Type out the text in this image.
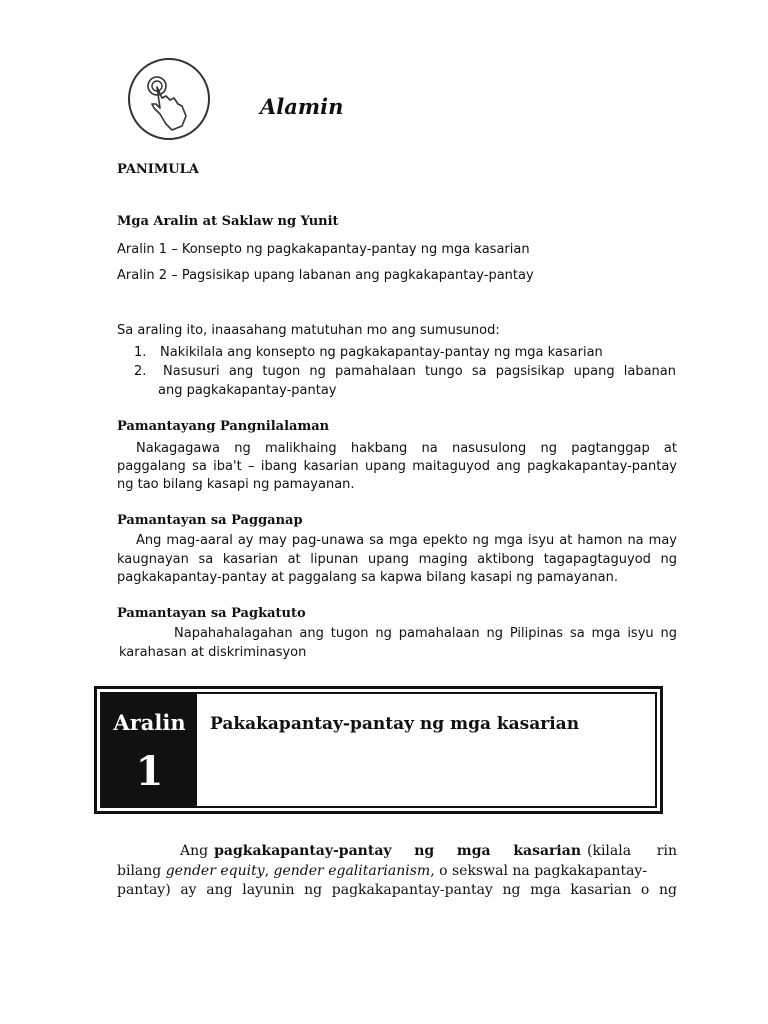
Alamin
PANIMULA
Mga Aralin at Saklaw ng Yunit
Aralin 1 – Konsepto ng pagkakapantay-pantay ng mga kasarian
Aralin 2 – Pagsisikap upang labanan ang pagkakapantay-pantay
Sa araling ito, inaasahang matutuhan mo ang sumusunod:
1. Nakikilala ang konsepto ng pagkakapantay-pantay ng mga kasarian
2. Nasusuri ang tugon ng pamahalaan tungo sa pagsisikap upang labanan
ang pagkakapantay-pantay
Pamantayang Pangnilalaman
Nakagagawa ng malikhaing hakbang na nasusulong ng pagtanggap at
paggalang sa iba't – ibang kasarian upang maitaguyod ang pagkakapantay-pantay
ng tao bilang kasapi ng pamayanan.
Pamantayan sa Pagganap
Ang mag-aaral ay may pag-unawa sa mga epekto ng mga isyu at hamon na may
kaugnayan sa kasarian at lipunan upang maging aktibong tagapagtaguyod ng
pagkakapantay-pantay at paggalang sa kapwa bilang kasapi ng pamayanan.
Pamantayan sa Pagkatuto
Napahahalagahan ang tugon ng pamahalaan ng Pilipinas sa mga isyu ng
karahasan at diskriminasyon
Aralin
1
Pakakapantay-pantay ng mga kasarian
Ang pagkakapantay-pantay ng mga kasarian (kilala rin
bilang gender equity, gender egalitarianism, o sekswal na pagkakapantay-
pantay) ay ang layunin ng pagkakapantay-pantay ng mga kasarian o ng
